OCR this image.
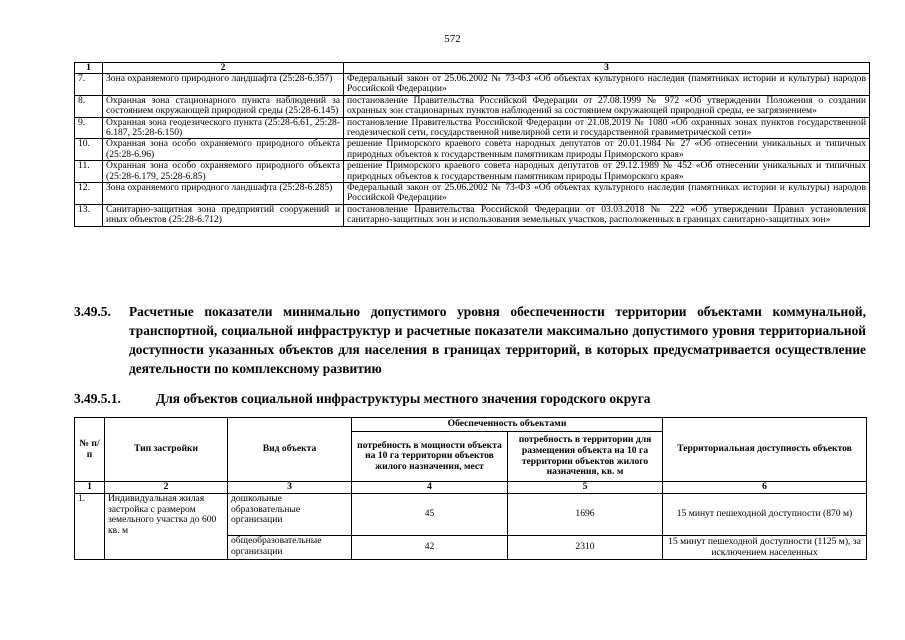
572
1	2	3
7.	Зона охраняемого природного ландшафта (25:28-6.357)	Федеральный закон от 25.06.2002 № 73-ФЗ «Об объектах культурного наследия (памятниках истории и культуры) народов Российской Федерации»
8.	Охранная зона стационарного пункта наблюдений за состоянием окружающей природной среды (25:28-6.145)	постановление Правительства Российской Федерации от 27.08.1999 № 972 «Об утверждении Положения о создании охранных зон стационарных пунктов наблюдений за состоянием окружающей природной среды, ее загрязнением»
9.	Охранная зона геодезического пункта (25:28-6.61, 25:28-6.187, 25:28-6.150)	постановление Правительства Российской Федерации от 21.08.2019 № 1080 «Об охранных зонах пунктов государственной геодезической сети, государственной нивелирной сети и государственной гравиметрической сети»
10.	Охранная зона особо охраняемого природного объекта (25:28-6.96)	решение Приморского краевого совета народных депутатов от 20.01.1984 № 27 «Об отнесении уникальных и типичных природных объектов к государственным памятникам природы Приморского края»
11.	Охранная зона особо охраняемого природного объекта (25:28-6.179, 25:28-6.85)	решение Приморского краевого совета народных депутатов от 29.12.1989 № 452 «Об отнесении уникальных и типичных природных объектов к государственным памятникам природы Приморского края»
12.	Зона охраняемого природного ландшафта (25:28-6.285)	Федеральный закон от 25.06.2002 № 73-ФЗ «Об объектах культурного наследия (памятниках истории и культуры) народов Российской Федерации»
13.	Санитарно-защитная зона предприятий сооружений и иных объектов (25:28-6.712)	постановление Правительства Российской Федерации от 03.03.2018 № 222 «Об утверждении Правил установления санитарно-защитных зон и использования земельных участков, расположенных в границах санитарно-защитных зон»
3.49.5. Расчетные показатели минимально допустимого уровня обеспеченности территории объектами коммунальной, транспортной, социальной инфраструктур и расчетные показатели максимально допустимого уровня территориальной доступности указанных объектов для населения в границах территорий, в которых предусматривается осуществление деятельности по комплексному развитию
3.49.5.1.	Для объектов социальной инфраструктуры местного значения городского округа
№ п/п	Тип застройки	Вид объекта	Обеспеченность объектами		Территориальная доступность объектов
			потребность в мощности объекта на 10 га территории объектов жилого назначения, мест	потребность в территории для размещения объекта на 10 га территории объектов жилого назначения, кв. м	
1	2	3	4	5	6
1.	Индивидуальная жилая застройка с размером земельного участка до 600 кв. м	дошкольные образовательные организации	45	1696	15 минут пешеходной доступности (870 м)
		общеобразовательные организации	42	2310	15 минут пешеходной доступности (1125 м), за исключением населенных
